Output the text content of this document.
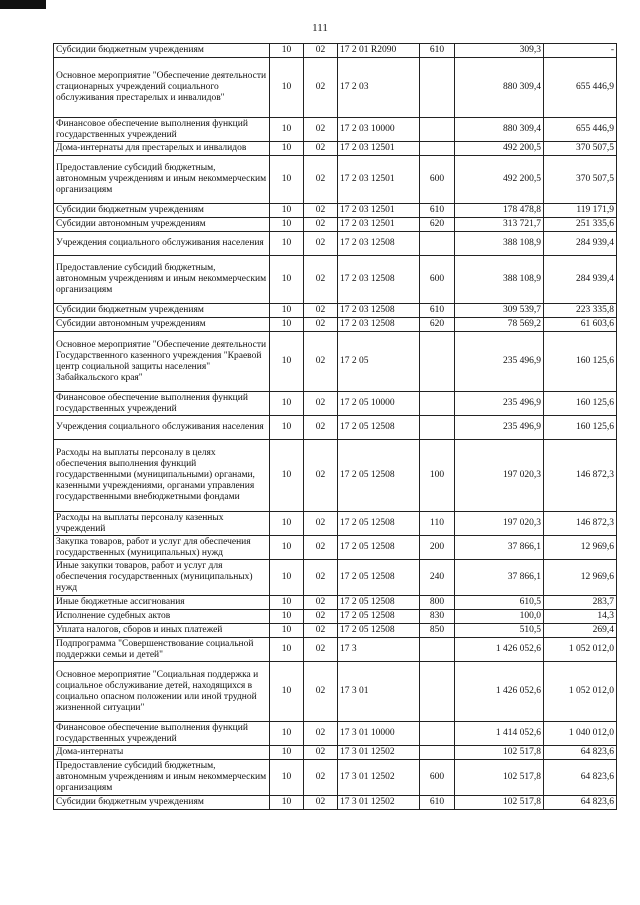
111
Субсидии бюджетным учреждениям	10	02	17 2 01 R2090	610	309,3	-
Основное мероприятие "Обеспечение деятельности стационарных учреждений социального обслуживания престарелых и инвалидов"	10	02	17 2 03		880 309,4	655 446,9
Финансовое обеспечение выполнения функций государственных учреждений	10	02	17 2 03 10000		880 309,4	655 446,9
Дома-интернаты для престарелых и инвалидов	10	02	17 2 03 12501		492 200,5	370 507,5
Предоставление субсидий бюджетным, автономным учреждениям и иным некоммерческим организациям	10	02	17 2 03 12501	600	492 200,5	370 507,5
Субсидии бюджетным учреждениям	10	02	17 2 03 12501	610	178 478,8	119 171,9
Субсидии автономным учреждениям	10	02	17 2 03 12501	620	313 721,7	251 335,6
Учреждения социального обслуживания населения	10	02	17 2 03 12508		388 108,9	284 939,4
Предоставление субсидий бюджетным, автономным учреждениям и иным некоммерческим организациям	10	02	17 2 03 12508	600	388 108,9	284 939,4
Субсидии бюджетным учреждениям	10	02	17 2 03 12508	610	309 539,7	223 335,8
Субсидии автономным учреждениям	10	02	17 2 03 12508	620	78 569,2	61 603,6
Основное мероприятие "Обеспечение деятельности Государственного казенного учреждения "Краевой центр социальной защиты населения" Забайкальского края"	10	02	17 2 05		235 496,9	160 125,6
Финансовое обеспечение выполнения функций государственных учреждений	10	02	17 2 05 10000		235 496,9	160 125,6
Учреждения социального обслуживания населения	10	02	17 2 05 12508		235 496,9	160 125,6
Расходы на выплаты персоналу в целях обеспечения выполнения функций государственными (муниципальными) органами, казенными учреждениями, органами управления государственными внебюджетными фондами	10	02	17 2 05 12508	100	197 020,3	146 872,3
Расходы на выплаты персоналу казенных учреждений	10	02	17 2 05 12508	110	197 020,3	146 872,3
Закупка товаров, работ и услуг для обеспечения государственных (муниципальных) нужд	10	02	17 2 05 12508	200	37 866,1	12 969,6
Иные закупки товаров, работ и услуг для обеспечения государственных (муниципальных) нужд	10	02	17 2 05 12508	240	37 866,1	12 969,6
Иные бюджетные ассигнования	10	02	17 2 05 12508	800	610,5	283,7
Исполнение судебных актов	10	02	17 2 05 12508	830	100,0	14,3
Уплата налогов, сборов и иных платежей	10	02	17 2 05 12508	850	510,5	269,4
Подпрограмма "Совершенствование социальной поддержки семьи и детей"	10	02	17 3		1 426 052,6	1 052 012,0
Основное мероприятие "Социальная поддержка и социальное обслуживание детей, находящихся в социально опасном положении или иной трудной жизненной ситуации"	10	02	17 3 01		1 426 052,6	1 052 012,0
Финансовое обеспечение выполнения функций государственных учреждений	10	02	17 3 01 10000		1 414 052,6	1 040 012,0
Дома-интернаты	10	02	17 3 01 12502		102 517,8	64 823,6
Предоставление субсидий бюджетным, автономным учреждениям и иным некоммерческим организациям	10	02	17 3 01 12502	600	102 517,8	64 823,6
Субсидии бюджетным учреждениям	10	02	17 3 01 12502	610	102 517,8	64 823,6
